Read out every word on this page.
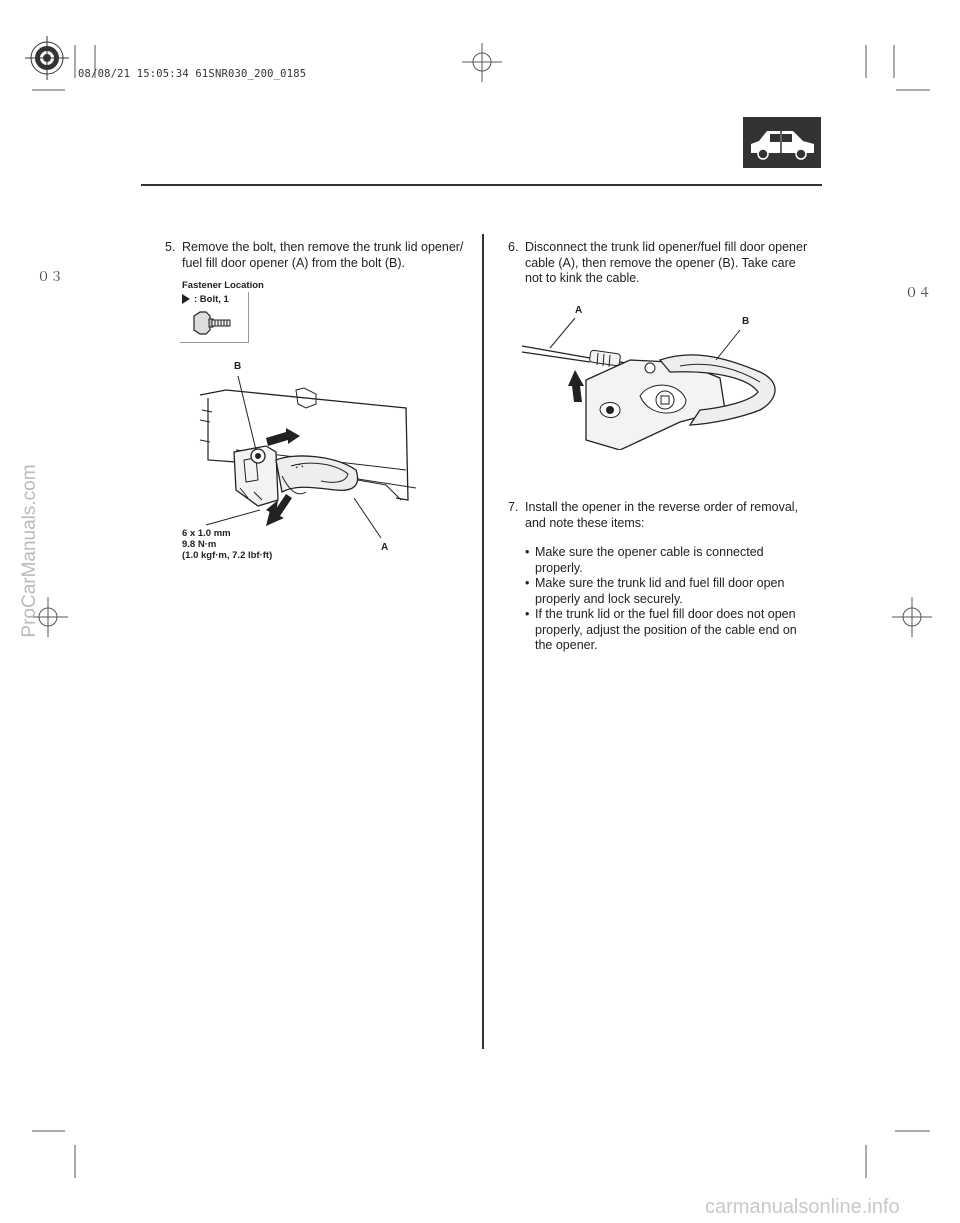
08/08/21 15:05:34 61SNR030_200_0185
０３
０４
5. Remove the bolt, then remove the trunk lid opener/ fuel fill door opener (A) from the bolt (B).
Fastener Location
: Bolt, 1
B
A
6 x 1.0 mm
9.8 N·m
(1.0 kgf·m, 7.2 lbf·ft)
6. Disconnect the trunk lid opener/fuel fill door opener cable (A), then remove the opener (B). Take care not to kink the cable.
A
B
7. Install the opener in the reverse order of removal, and note these items:
• Make sure the opener cable is connected properly.
• Make sure the trunk lid and fuel fill door open properly and lock securely.
• If the trunk lid or the fuel fill door does not open properly, adjust the position of the cable end on the opener.
ProCarManuals.com
carmanualsonline.info
